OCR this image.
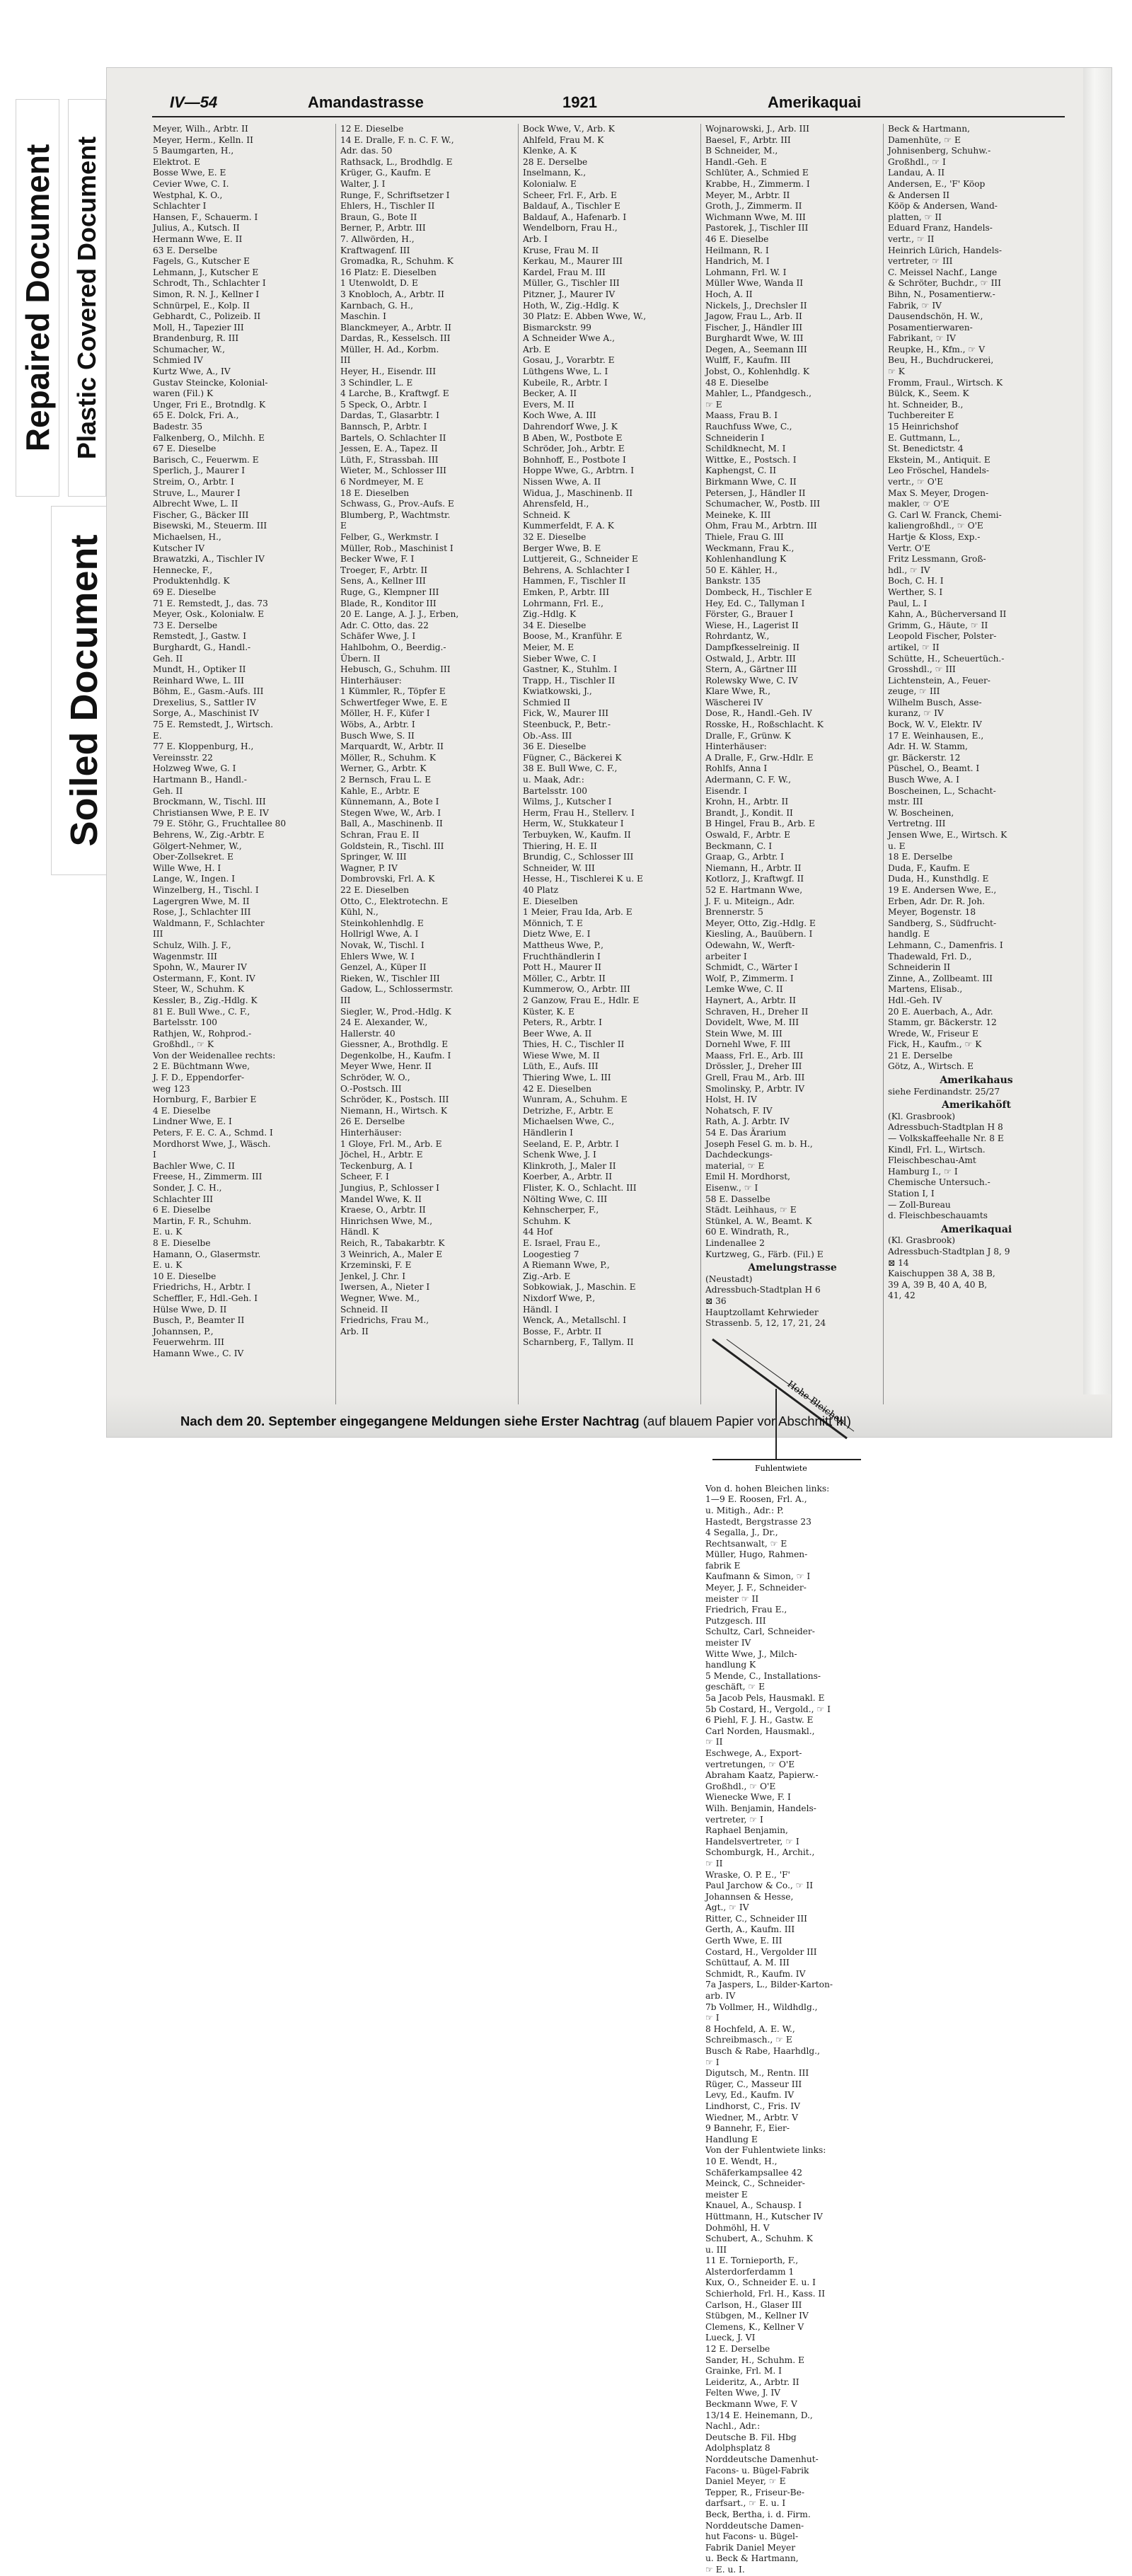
Repaired Document Plastic Covered Document
Soiled Document
IV—54	Amandastrasse	1921	Amerikaquai
Meyer, Wilh., Arbtr. II
Meyer, Herm., Kelln. II
5 Baumgarten, H.,
Elektrot. E
Bosse Wwe, E. E
Cevier Wwe, C. I.
Westphal, K. O.,
Schlachter I
Hansen, F., Schauerm. I
Julius, A., Kutsch. II
Hermann Wwe, E. II
63 E. Derselbe
Fagels, G., Kutscher E
Lehmann, J., Kutscher E
Schrodt, Th., Schlachter I
Simon, R. N. J., Kellner I
Schnürpel, E., Kolp. II
Gebhardt, C., Polizeib. II
Moll, H., Tapezier III
Brandenburg, R. III
Schumacher, W.,
Schmied IV
Kurtz Wwe, A., IV
Gustav Steincke, Kolonial-
waren (Fil.) K
Unger, Fri E., Brotndlg. K
65 E. Dolck, Fri. A.,
Badestr. 35
Falkenberg, O., Milchh. E
67 E. Dieselbe
Barisch, C., Feuerwm. E
Sperlich, J., Maurer I
Streim, O., Arbtr. I
Struve, L., Maurer I
Albrecht Wwe, L. II
Fischer, G., Bäcker III
Bisewski, M., Steuerm. III
Michaelsen, H.,
Kutscher IV
Brawatzki, A., Tischler IV
Hennecke, F.,
Produktenhdlg. K
69 E. Dieselbe
71 E. Remstedt, J., das. 73
Meyer, Osk., Kolonialw. E
73 E. Derselbe
Remstedt, J., Gastw. I
Burghardt, G., Handl.-
Geh. II
Mundt, H., Optiker II
Reinhard Wwe, L. III
Böhm, E., Gasm.-Aufs. III
Drexelius, S., Sattler IV
Sorge, A., Maschinist IV
75 E. Remstedt, J., Wirtsch.
E.
77 E. Kloppenburg, H.,
Vereinsstr. 22
Holzweg Wwe, G. I
Hartmann B., Handl.-
Geh. II
Brockmann, W., Tischl. III
Christiansen Wwe, P. E. IV
79 E. Stöhr, G., Fruchtallee 80
Behrens, W., Zig.-Arbtr. E
Gölgert-Nehmer, W.,
Ober-Zollsekret. E
Wille Wwe, H. I
Lange, W., Ingen. I
Winzelberg, H., Tischl. I
Lagergren Wwe, M. II
Rose, J., Schlachter III
Waldmann, F., Schlachter
III
Schulz, Wilh. J. F.,
Wagenmstr. III
Spohn, W., Maurer IV
Ostermann, F., Kont. IV
Steer, W., Schuhm. K
Kessler, B., Zig.-Hdlg. K
81 E. Bull Wwe., C. F.,
Bartelsstr. 100
Rathjen, W., Rohprod.-
Großhdl., ☞ K
Von der Weidenallee rechts:
2 E. Büchtmann Wwe,
J. F. D., Eppendorfer-
weg 123
Hornburg, F., Barbier E
4 E. Dieselbe
Lindner Wwe, E. I
Peters, F. E. C. A., Schmd. I
Mordhorst Wwe, J., Wäsch.
I
Bachler Wwe, C. II
Freese, H., Zimmerm. III
Sonder, J. C. H.,
Schlachter III
6 E. Dieselbe
Martin, F. R., Schuhm.
E. u. K
8 E. Dieselbe
Hamann, O., Glasermstr.
E. u. K
10 E. Dieselbe
Friedrichs, H., Arbtr. I
Scheffler, F., Hdl.-Geh. I
Hülse Wwe, D. II
Busch, P., Beamter II
Johannsen, P.,
Feuerwehrm. III
Hamann Wwe., C. IV
12 E. Dieselbe
14 E. Dralle, F. n. C. F. W.,
Adr. das. 50
Rathsack, L., Brodhdlg. E
Krüger, G., Kaufm. E
Walter, J. I
Runge, F., Schriftsetzer I
Ehlers, H., Tischler II
Braun, G., Bote II
Berner, P., Arbtr. III
7. Allwörden, H.,
Kraftwagenf. III
Gromadka, R., Schuhm. K
16 Platz: E. Dieselben
1 Utenwoldt, D. E
3 Knobloch, A., Arbtr. II
Karnbach, G. H.,
Maschin. I
Blanckmeyer, A., Arbtr. II
Dardas, R., Kesselsch. III
Müller, H. Ad., Korbm.
III
Heyer, H., Eisendr. III
3 Schindler, L. E
4 Larche, B., Kraftwgf. E
5 Speck, O., Arbtr. I
Dardas, T., Glasarbtr. I
Bannsch, P., Arbtr. I
Bartels, O. Schlachter II
Jessen, E. A., Tapez. II
Lüth, F., Strassbah. III
Wieter, M., Schlosser III
6 Nordmeyer, M. E
18 E. Dieselben
Schwass, G., Prov.-Aufs. E
Blumberg, P., Wachtmstr.
E
Felber, G., Werkmstr. I
Müller, Rob., Maschinist I
Becker Wwe, F. I
Troeger, F., Arbtr. II
Sens, A., Kellner III
Ruge, G., Klempner III
Blade, R., Konditor III
20 E. Lange, A. J. J., Erben,
Adr. C. Otto, das. 22
Schäfer Wwe, J. I
Hahlbohm, O., Beerdig.-
Übern. II
Hebusch, G., Schuhm. III
Hinterhäuser:
1 Kümmler, R., Töpfer E
Schwertfeger Wwe, E. E
Möller, H. F., Küfer I
Wöbs, A., Arbtr. I
Busch Wwe, S. II
Marquardt, W., Arbtr. II
Möller, R., Schuhm. K
Werner, G., Arbtr. K
2 Bernsch, Frau L. E
Kahle, E., Arbtr. E
Künnemann, A., Bote I
Stegen Wwe, W., Arb. I
Ball, A., Maschinenb. II
Schran, Frau E. II
Goldstein, R., Tischl. III
Springer, W. III
Wagner, P. IV
Dombrovski, Frl. A. K
22 E. Dieselben
Otto, C., Elektrotechn. E
Kühl, N.,
Steinkohlenhdlg. E
Hollrigl Wwe, A. I
Novak, W., Tischl. I
Ehlers Wwe, W. I
Genzel, A., Küper II
Rieken, W., Tischler III
Gadow, L., Schlossermstr.
III
Siegler, W., Prod.-Hdlg. K
24 E. Alexander, W.,
Hallerstr. 40
Giessner, A., Brothdlg. E
Degenkolbe, H., Kaufm. I
Meyer Wwe, Henr. II
Schröder, W. O.,
O.-Postsch. III
Schröder, K., Postsch. III
Niemann, H., Wirtsch. K
26 E. Derselbe
Hinterhäuser:
1 Gloye, Frl. M., Arb. E
Jöchel, H., Arbtr. E
Teckenburg, A. I
Scheer, F. I
Jungius, P., Schlosser I
Mandel Wwe, K. II
Kraese, O., Arbtr. II
Hinrichsen Wwe, M.,
Händl. K
Reich, R., Tabakarbtr. K
3 Weinrich, A., Maler E
Krzeminski, F. E
Jenkel, J. Chr. I
Iwersen, A., Nieter I
Wegner, Wwe. M.,
Schneid. II
Friedrichs, Frau M.,
Arb. II
Bock Wwe, V., Arb. K
Ahlfeld, Frau M. K
Klenke, A. K
28 E. Derselbe
Inselmann, K.,
Kolonialw. E
Scheer, Frl. F., Arb. E
Baldauf, A., Tischler E
Baldauf, A., Hafenarb. I
Wendelborn, Frau H.,
Arb. I
Kruse, Frau M. II
Kerkau, M., Maurer III
Kardel, Frau M. III
Müller, G., Tischler III
Pitzner, J., Maurer IV
Hoth, W., Zig.-Hdlg. K
30 Platz: E. Abben Wwe, W.,
Bismarckstr. 99
A Schneider Wwe A.,
Arb. E
Gosau, J., Vorarbtr. E
Lüthgens Wwe, L. I
Kubeile, R., Arbtr. I
Becker, A. II
Evers, M. II
Koch Wwe, A. III
Dahrendorf Wwe, J. K
B Aben, W., Postbote E
Schröder, Joh., Arbtr. E
Bohnhoff, E., Postbote I
Hoppe Wwe, G., Arbtrn. I
Nissen Wwe, A. II
Widua, J., Maschinenb. II
Ahrensfeld, H.,
Schneid. K
Kummerfeldt, F. A. K
32 E. Dieselbe
Berger Wwe, B. E
Luttjereit, G., Schneider E
Behrens, A. Schlachter I
Hammen, F., Tischler II
Emken, P., Arbtr. III
Lohrmann, Frl. E.,
Zig.-Hdlg. K
34 E. Dieselbe
Boose, M., Kranführ. E
Meier, M. E
Sieber Wwe, C. I
Gastner, K., Stuhlm. I
Trapp, H., Tischler II
Kwiatkowski, J.,
Schmied II
Fick, W., Maurer III
Steenbuck, P., Betr.-
Ob.-Ass. III
36 E. Dieselbe
Fügner, C., Bäckerei K
38 E. Bull Wwe, C. F.,
u. Maak, Adr.:
Bartelsstr. 100
Wilms, J., Kutscher I
Herm, Frau H., Stellerv. I
Herm, W., Stukkateur I
Terbuyken, W., Kaufm. II
Thiering, H. E. II
Brundig, C., Schlosser III
Schneider, W. III
Hesse, H., Tischlerei K u. E
40 Platz
E. Dieselben
1 Meier, Frau Ida, Arb. E
Mönnich, T. E
Dietz Wwe, E. I
Mattheus Wwe, P.,
Fruchthändlerin I
Pott H., Maurer II
Möller, C., Arbtr. II
Kummerow, O., Arbtr. III
2 Ganzow, Frau E., Hdlr. E
Küster, K. E
Peters, R., Arbtr. I
Beer Wwe, A. II
Thies, H. C., Tischler II
Wiese Wwe, M. II
Lüth, E., Aufs. III
Thiering Wwe, L. III
42 E. Dieselben
Wunram, A., Schuhm. E
Detrizhe, F., Arbtr. E
Michaelsen Wwe, C.,
Händlerin I
Seeland, E. P., Arbtr. I
Schenk Wwe, J. I
Klinkroth, J., Maler II
Koerber, A., Arbtr. II
Flister, K. O., Schlacht. III
Nölting Wwe, C. III
Kehnscherper, F.,
Schuhm. K
44 Hof
E. Israel, Frau E.,
Loogestieg 7
A Riemann Wwe, P.,
Zig.-Arb. E
Sobkowiak, J., Maschin. E
Nixdorf Wwe, P.,
Händl. I
Wenck, A., Metallschl. I
Bosse, F., Arbtr. II
Scharnberg, F., Tallym. II
Wojnarowski, J., Arb. III
Baesel, F., Arbtr. III
B Schneider, M.,
Handl.-Geh. E
Schlüter, A., Schmied E
Krabbe, H., Zimmerm. I
Meyer, M., Arbtr. II
Groth, J., Zimmerm. II
Wichmann Wwe, M. III
Pastorek, J., Tischler III
46 E. Dieselbe
Heilmann, R. I
Handrich, M. I
Lohmann, Frl. W. I
Müller Wwe, Wanda II
Hoch, A. II
Nickels, J., Drechsler II
Jagow, Frau L., Arb. II
Fischer, J., Händler III
Burghardt Wwe, W. III
Degen, A., Seemann III
Wulff, F., Kaufm. III
Jobst, O., Kohlenhdlg. K
48 E. Dieselbe
Mahler, L., Pfandgesch.,
☞ E
Maass, Frau B. I
Rauchfuss Wwe, C.,
Schneiderin I
Schildknecht, M. I
Wittke, E., Postsch. I
Kaphengst, C. II
Birkmann Wwe, C. II
Petersen, J., Händler II
Schumacher, W., Postb. III
Meineke, K. III
Ohm, Frau M., Arbtrn. III
Thiele, Frau G. III
Weckmann, Frau K.,
Kohlenhandlung K
50 E. Kähler, H.,
Bankstr. 135
Dombeck, H., Tischler E
Hey, Ed. C., Tallyman I
Förster, G., Brauer I
Wiese, H., Lagerist II
Rohrdantz, W.,
Dampfkesselreinig. II
Ostwald, J., Arbtr. III
Stern, A., Gärtner III
Rolewsky Wwe, C. IV
Klare Wwe, R.,
Wäscherei IV
Dose, R., Handl.-Geh. IV
Rosske, H., Roßschlacht. K
Dralle, F., Grünw. K
Hinterhäuser:
A Dralle, F., Grw.-Hdlr. E
Rohlfs, Anna I
Adermann, C. F. W.,
Eisendr. I
Krohn, H., Arbtr. II
Brandt, J., Kondit. II
B Hingel, Frau B., Arb. E
Oswald, F., Arbtr. E
Beckmann, C. I
Graap, G., Arbtr. I
Niemann, H., Arbtr. II
Kotlorz, J., Kraftwgf. II
52 E. Hartmann Wwe,
J. F. u. Miteign., Adr.
Brennerstr. 5
Meyer, Otto, Zig.-Hdlg. E
Kiesling, A., Bauübern. I
Odewahn, W., Werft-
arbeiter I
Schmidt, C., Wärter I
Wolf, P., Zimmerm. I
Lemke Wwe, C. II
Haynert, A., Arbtr. II
Schraven, H., Dreher II
Dovidelt, Wwe, M. III
Stein Wwe, M. III
Dornehl Wwe, F. III
Maass, Frl. E., Arb. III
Drössler, J., Dreher III
Grell, Frau M., Arb. III
Smolinsky, P., Arbtr. IV
Holst, H. IV
Nohatsch, F. IV
Rath, A. J. Arbtr. IV
54 E. Das Ärarium
Joseph Fesel G. m. b. H.,
Dachdeckungs-
material, ☞ E
Emil H. Mordhorst,
Eisenw., ☞ I
58 E. Dasselbe
Städt. Leihhaus, ☞ E
Stünkel, A. W., Beamt. K
60 E. Windrath, R.,
Lindenallee 2
Kurtzweg, G., Färb. (Fil.) E
Amelungstrasse
(Neustadt)
Adressbuch-Stadtplan H 6
⊠ 36
Hauptzollamt Kehrwieder
Strassenb. 5, 12, 17, 21, 24
Hohe Bleichen
Fuhlentwiete
Von d. hohen Bleichen links:
1—9 E. Roosen, Frl. A.,
u. Mitigh., Adr.: P.
Hastedt, Bergstrasse 23
4 Segalla, J., Dr.,
Rechtsanwalt, ☞ E
Müller, Hugo, Rahmen-
fabrik E
Kaufmann & Simon, ☞ I
Meyer, J. F., Schneider-
meister ☞ II
Friedrich, Frau E.,
Putzgesch. III
Schultz, Carl, Schneider-
meister IV
Witte Wwe, J., Milch-
handlung K
5 Mende, C., Installations-
geschäft, ☞ E
5a Jacob Pels, Hausmakl. E
5b Costard, H., Vergold., ☞ I
6 Piehl, F. J. H., Gastw. E
Carl Norden, Hausmakl.,
☞ II
Eschwege, A., Export-
vertretungen, ☞ O'E
Abraham Kaatz, Papierw.-
Großhdl., ☞ O'E
Wienecke Wwe, F. I
Wilh. Benjamin, Handels-
vertreter, ☞ I
Raphael Benjamin,
Handelsvertreter, ☞ I
Schomburgk, H., Archit.,
☞ II
Wraske, O. P. E., 'F'
Paul Jarchow & Co., ☞ II
Johannsen & Hesse,
Agt., ☞ IV
Ritter, C., Schneider III
Gerth, A., Kaufm. III
Gerth Wwe, E. III
Costard, H., Vergolder III
Schüttauf, A. M. III
Schmidt, R., Kaufm. IV
7a Jaspers, L., Bilder-Karton-
arb. IV
7b Vollmer, H., Wildhdlg.,
☞ I
8 Hochfeld, A. E. W.,
Schreibmasch., ☞ E
Busch & Rabe, Haarhdlg.,
☞ I
Digutsch, M., Rentn. III
Rüger, C., Masseur III
Levy, Ed., Kaufm. IV
Lindhorst, C., Fris. IV
Wiedner, M., Arbtr. V
9 Bannehr, F., Eier-
Handlung E
Von der Fuhlentwiete links:
10 E. Wendt, H.,
Schäferkampsallee 42
Meinck, C., Schneider-
meister E
Knauel, A., Schausp. I
Hüttmann, H., Kutscher IV
Dohmöhl, H. V
Schubert, A., Schuhm. K
u. III
11 E. Tornieporth, F.,
Alsterdorferdamm 1
Kux, O., Schneider E. u. I
Schierhold, Frl. H., Kass. II
Carlson, H., Glaser III
Stübgen, M., Kellner IV
Clemens, K., Kellner V
Lueck, J. VI
12 E. Derselbe
Sander, H., Schuhm. E
Grainke, Frl. M. I
Leideritz, A., Arbtr. II
Felten Wwe, J. IV
Beckmann Wwe, F. V
13/14 E. Heinemann, D.,
Nachl., Adr.:
Deutsche B. Fil. Hbg
Adolphsplatz 8
Norddeutsche Damenhut-
Facons- u. Bügel-Fabrik
Daniel Meyer, ☞ E
Tepper, R., Friseur-Be-
darfsart., ☞ E. u. I
Beck, Bertha, i. d. Firm.
Norddeutsche Damen-
hut Facons- u. Bügel-
Fabrik Daniel Meyer
u. Beck & Hartmann,
☞ E. u. I.
Beck & Hartmann,
Damenhüte, ☞ E
Johnisenberg, Schuhw.-
Großhdl., ☞ I
Landau, A. II
Andersen, E., 'F' Köop
& Andersen II
Kööp & Andersen, Wand-
platten, ☞ II
Eduard Franz, Handels-
vertr., ☞ II
Heinrich Lürich, Handels-
vertreter, ☞ III
C. Meissel Nachf., Lange
& Schröter, Buchdr., ☞ III
Bihn, N., Posamentierw.-
Fabrik, ☞ IV
Dausendschön, H. W.,
Posamentierwaren-
Fabrikant, ☞ IV
Reupke, H., Kfm., ☞ V
Beu, H., Buchdruckerei,
☞ K
Fromm, Fraul., Wirtsch. K
Bülck, K., Seem. K
ht. Schneider, B.,
Tuchbereiter E
15 Heinrichshof
E. Guttmann, L.,
St. Benedictstr. 4
Ekstein, M., Antiquit. E
Leo Fröschel, Handels-
vertr., ☞ O'E
Max S. Meyer, Drogen-
makler, ☞ O'E
G. Carl W. Franck, Chemi-
kaliengroßhdl., ☞ O'E
Hartje & Kloss, Exp.-
Vertr. O'E
Fritz Lessmann, Groß-
hdl., ☞ IV
Boch, C. H. I
Werther, S. I
Paul, L. I
Kahn, A., Bücherversand II
Grimm, G., Häute, ☞ II
Leopold Fischer, Polster-
artikel, ☞ II
Schütte, H., Scheuertüch.-
Grosshdl., ☞ III
Lichtenstein, A., Feuer-
zeuge, ☞ III
Wilhelm Busch, Asse-
kuranz, ☞ IV
Bock, W. V., Elektr. IV
17 E. Weinhausen, E.,
Adr. H. W. Stamm,
gr. Bäckerstr. 12
Püschel, O., Beamt. I
Busch Wwe, A. I
Boscheinen, L., Schacht-
mstr. III
W. Boscheinen,
Vertretng. III
Jensen Wwe, E., Wirtsch. K
u. E
18 E. Derselbe
Duda, F., Kaufm. E
Duda, H., Kunsthdlg. E
19 E. Andersen Wwe, E.,
Erben, Adr. Dr. R. Joh.
Meyer, Bogenstr. 18
Sandberg, S., Südfrucht-
handlg. E
Lehmann, C., Damenfris. I
Thadewald, Frl. D.,
Schneiderin II
Zinne, A., Zollbeamt. III
Martens, Elisab.,
Hdl.-Geh. IV
20 E. Auerbach, A., Adr.
Stamm, gr. Bäckerstr. 12
Wrede, W., Friseur E
Fick, H., Kaufm., ☞ K
21 E. Derselbe
Götz, A., Wirtsch. E
Amerikahaus
siehe Ferdinandstr. 25/27
Amerikahöft
(Kl. Grasbrook)
Adressbuch-Stadtplan H 8
— Volkskaffeehalle Nr. 8 E
Kindl, Frl. L., Wirtsch.
Fleischbeschau-Amt
Hamburg I., ☞ I
Chemische Untersuch.-
Station I, I
— Zoll-Bureau
d. Fleischbeschauamts
Amerikaquai
(Kl. Grasbrook)
Adressbuch-Stadtplan J 8, 9
⊠ 14
Kaischuppen 38 A, 38 B,
39 A, 39 B, 40 A, 40 B,
41, 42
Nach dem 20. September eingegangene Meldungen siehe Erster Nachtrag (auf blauem Papier vor Abschnitt III)
